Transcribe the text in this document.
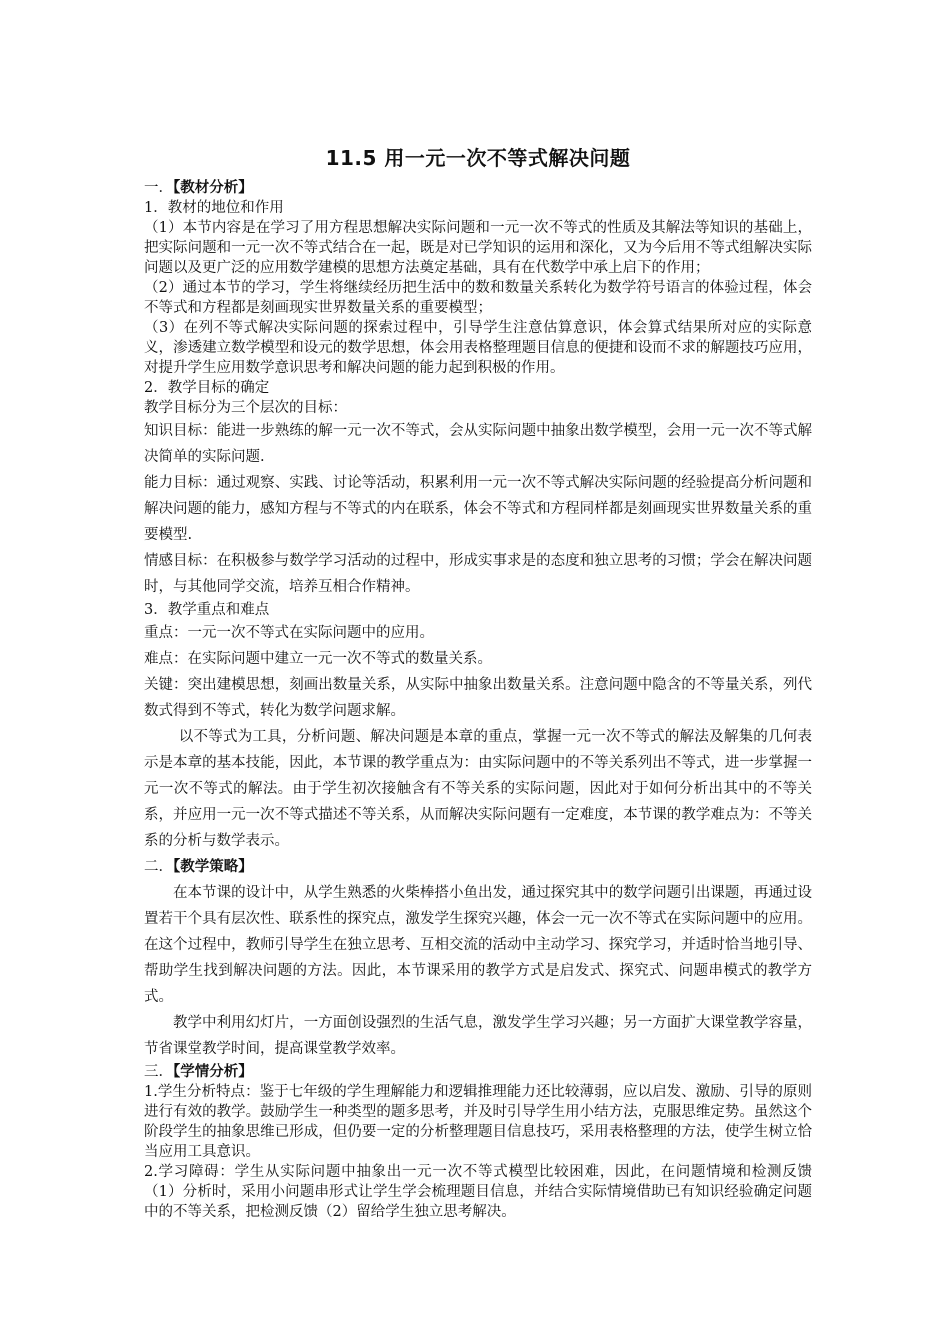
11.5 用一元一次不等式解决问题

一．【教材分析】

1．教材的地位和作用

（1）本节内容是在学习了用方程思想解决实际问题和一元一次不等式的性质及其解法等知识的基础上，把实际问题和一元一次不等式结合在一起，既是对已学知识的运用和深化，又为今后用不等式组解决实际问题以及更广泛的应用数学建模的思想方法奠定基础，具有在代数学中承上启下的作用；

（2）通过本节的学习，学生将继续经历把生活中的数和数量关系转化为数学符号语言的体验过程，体会不等式和方程都是刻画现实世界数量关系的重要模型；

（3）在列不等式解决实际问题的探索过程中，引导学生注意估算意识，体会算式结果所对应的实际意义，渗透建立数学模型和设元的数学思想，体会用表格整理题目信息的便捷和设而不求的解题技巧应用，对提升学生应用数学意识思考和解决问题的能力起到积极的作用。

2．教学目标的确定

教学目标分为三个层次的目标：

知识目标：能进一步熟练的解一元一次不等式，会从实际问题中抽象出数学模型，会用一元一次不等式解决简单的实际问题.

能力目标：通过观察、实践、讨论等活动，积累利用一元一次不等式解决实际问题的经验提高分析问题和解决问题的能力，感知方程与不等式的内在联系，体会不等式和方程同样都是刻画现实世界数量关系的重要模型.

情感目标：在积极参与数学学习活动的过程中，形成实事求是的态度和独立思考的习惯；学会在解决问题时，与其他同学交流，培养互相合作精神。

3．教学重点和难点

重点：一元一次不等式在实际问题中的应用。

难点：在实际问题中建立一元一次不等式的数量关系。

关键：突出建模思想，刻画出数量关系，从实际中抽象出数量关系。注意问题中隐含的不等量关系，列代数式得到不等式，转化为数学问题求解。

以不等式为工具，分析问题、解决问题是本章的重点，掌握一元一次不等式的解法及解集的几何表示是本章的基本技能，因此，本节课的教学重点为：由实际问题中的不等关系列出不等式，进一步掌握一元一次不等式的解法。由于学生初次接触含有不等关系的实际问题，因此对于如何分析出其中的不等关系，并应用一元一次不等式描述不等关系，从而解决实际问题有一定难度，本节课的教学难点为：不等关系的分析与数学表示。

二．【教学策略】

在本节课的设计中，从学生熟悉的火柴棒搭小鱼出发，通过探究其中的数学问题引出课题，再通过设置若干个具有层次性、联系性的探究点，激发学生探究兴趣，体会一元一次不等式在实际问题中的应用。在这个过程中，教师引导学生在独立思考、互相交流的活动中主动学习、探究学习，并适时恰当地引导、帮助学生找到解决问题的方法。因此，本节课采用的教学方式是启发式、探究式、问题串模式的教学方式。

教学中利用幻灯片，一方面创设强烈的生活气息，激发学生学习兴趣；另一方面扩大课堂教学容量，节省课堂教学时间，提高课堂教学效率。

三．【学情分析】

1.学生分析特点：鉴于七年级的学生理解能力和逻辑推理能力还比较薄弱，应以启发、激励、引导的原则进行有效的教学。鼓励学生一种类型的题多思考，并及时引导学生用小结方法，克服思维定势。虽然这个阶段学生的抽象思维已形成，但仍要一定的分析整理题目信息技巧，采用表格整理的方法，使学生树立恰当应用工具意识。

2.学习障碍：学生从实际问题中抽象出一元一次不等式模型比较困难，因此，在问题情境和检测反馈（1）分析时，采用小问题串形式让学生学会梳理题目信息，并结合实际情境借助已有知识经验确定问题中的不等关系，把检测反馈（2）留给学生独立思考解决。
